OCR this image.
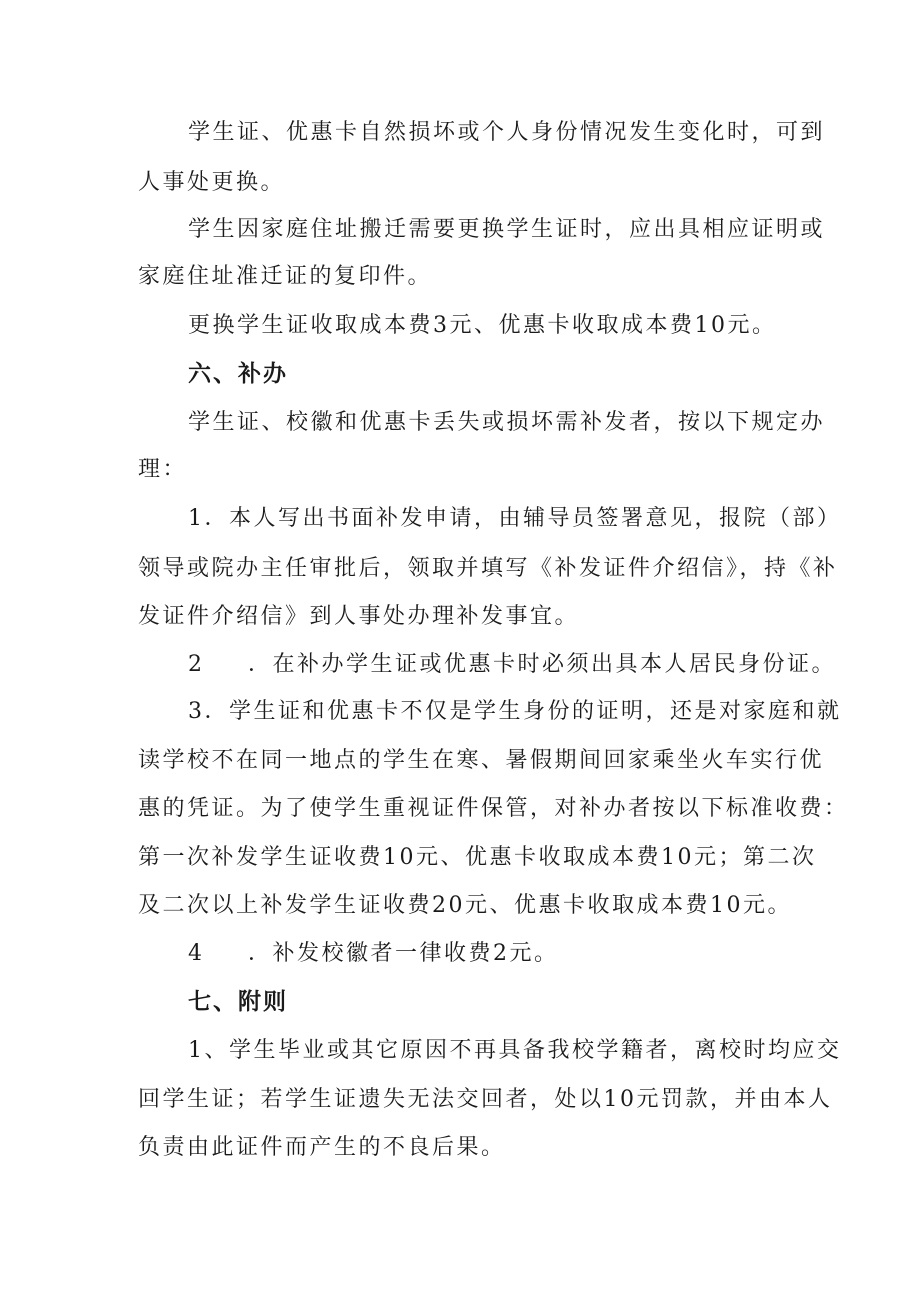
学生证、优惠卡自然损坏或个人身份情况发生变化时，可到

人事处更换。

学生因家庭住址搬迁需要更换学生证时，应出具相应证明或

家庭住址准迁证的复印件。

更换学生证收取成本费3元、优惠卡收取成本费10元。

六、补办

学生证、校徽和优惠卡丢失或损坏需补发者，按以下规定办

理：

1．本人写出书面补发申请，由辅导员签署意见，报院（部）

领导或院办主任审批后，领取并填写《补发证件介绍信》，持《补

发证件介绍信》到人事处办理补发事宜。

2 ．在补办学生证或优惠卡时必须出具本人居民身份证。

3．学生证和优惠卡不仅是学生身份的证明，还是对家庭和就

读学校不在同一地点的学生在寒、暑假期间回家乘坐火车实行优

惠的凭证。为了使学生重视证件保管，对补办者按以下标准收费：

第一次补发学生证收费10元、优惠卡收取成本费10元；第二次

及二次以上补发学生证收费20元、优惠卡收取成本费10元。

4 ．补发校徽者一律收费2元。

七、附则

1、学生毕业或其它原因不再具备我校学籍者，离校时均应交

回学生证；若学生证遗失无法交回者，处以10元罚款，并由本人

负责由此证件而产生的不良后果。
